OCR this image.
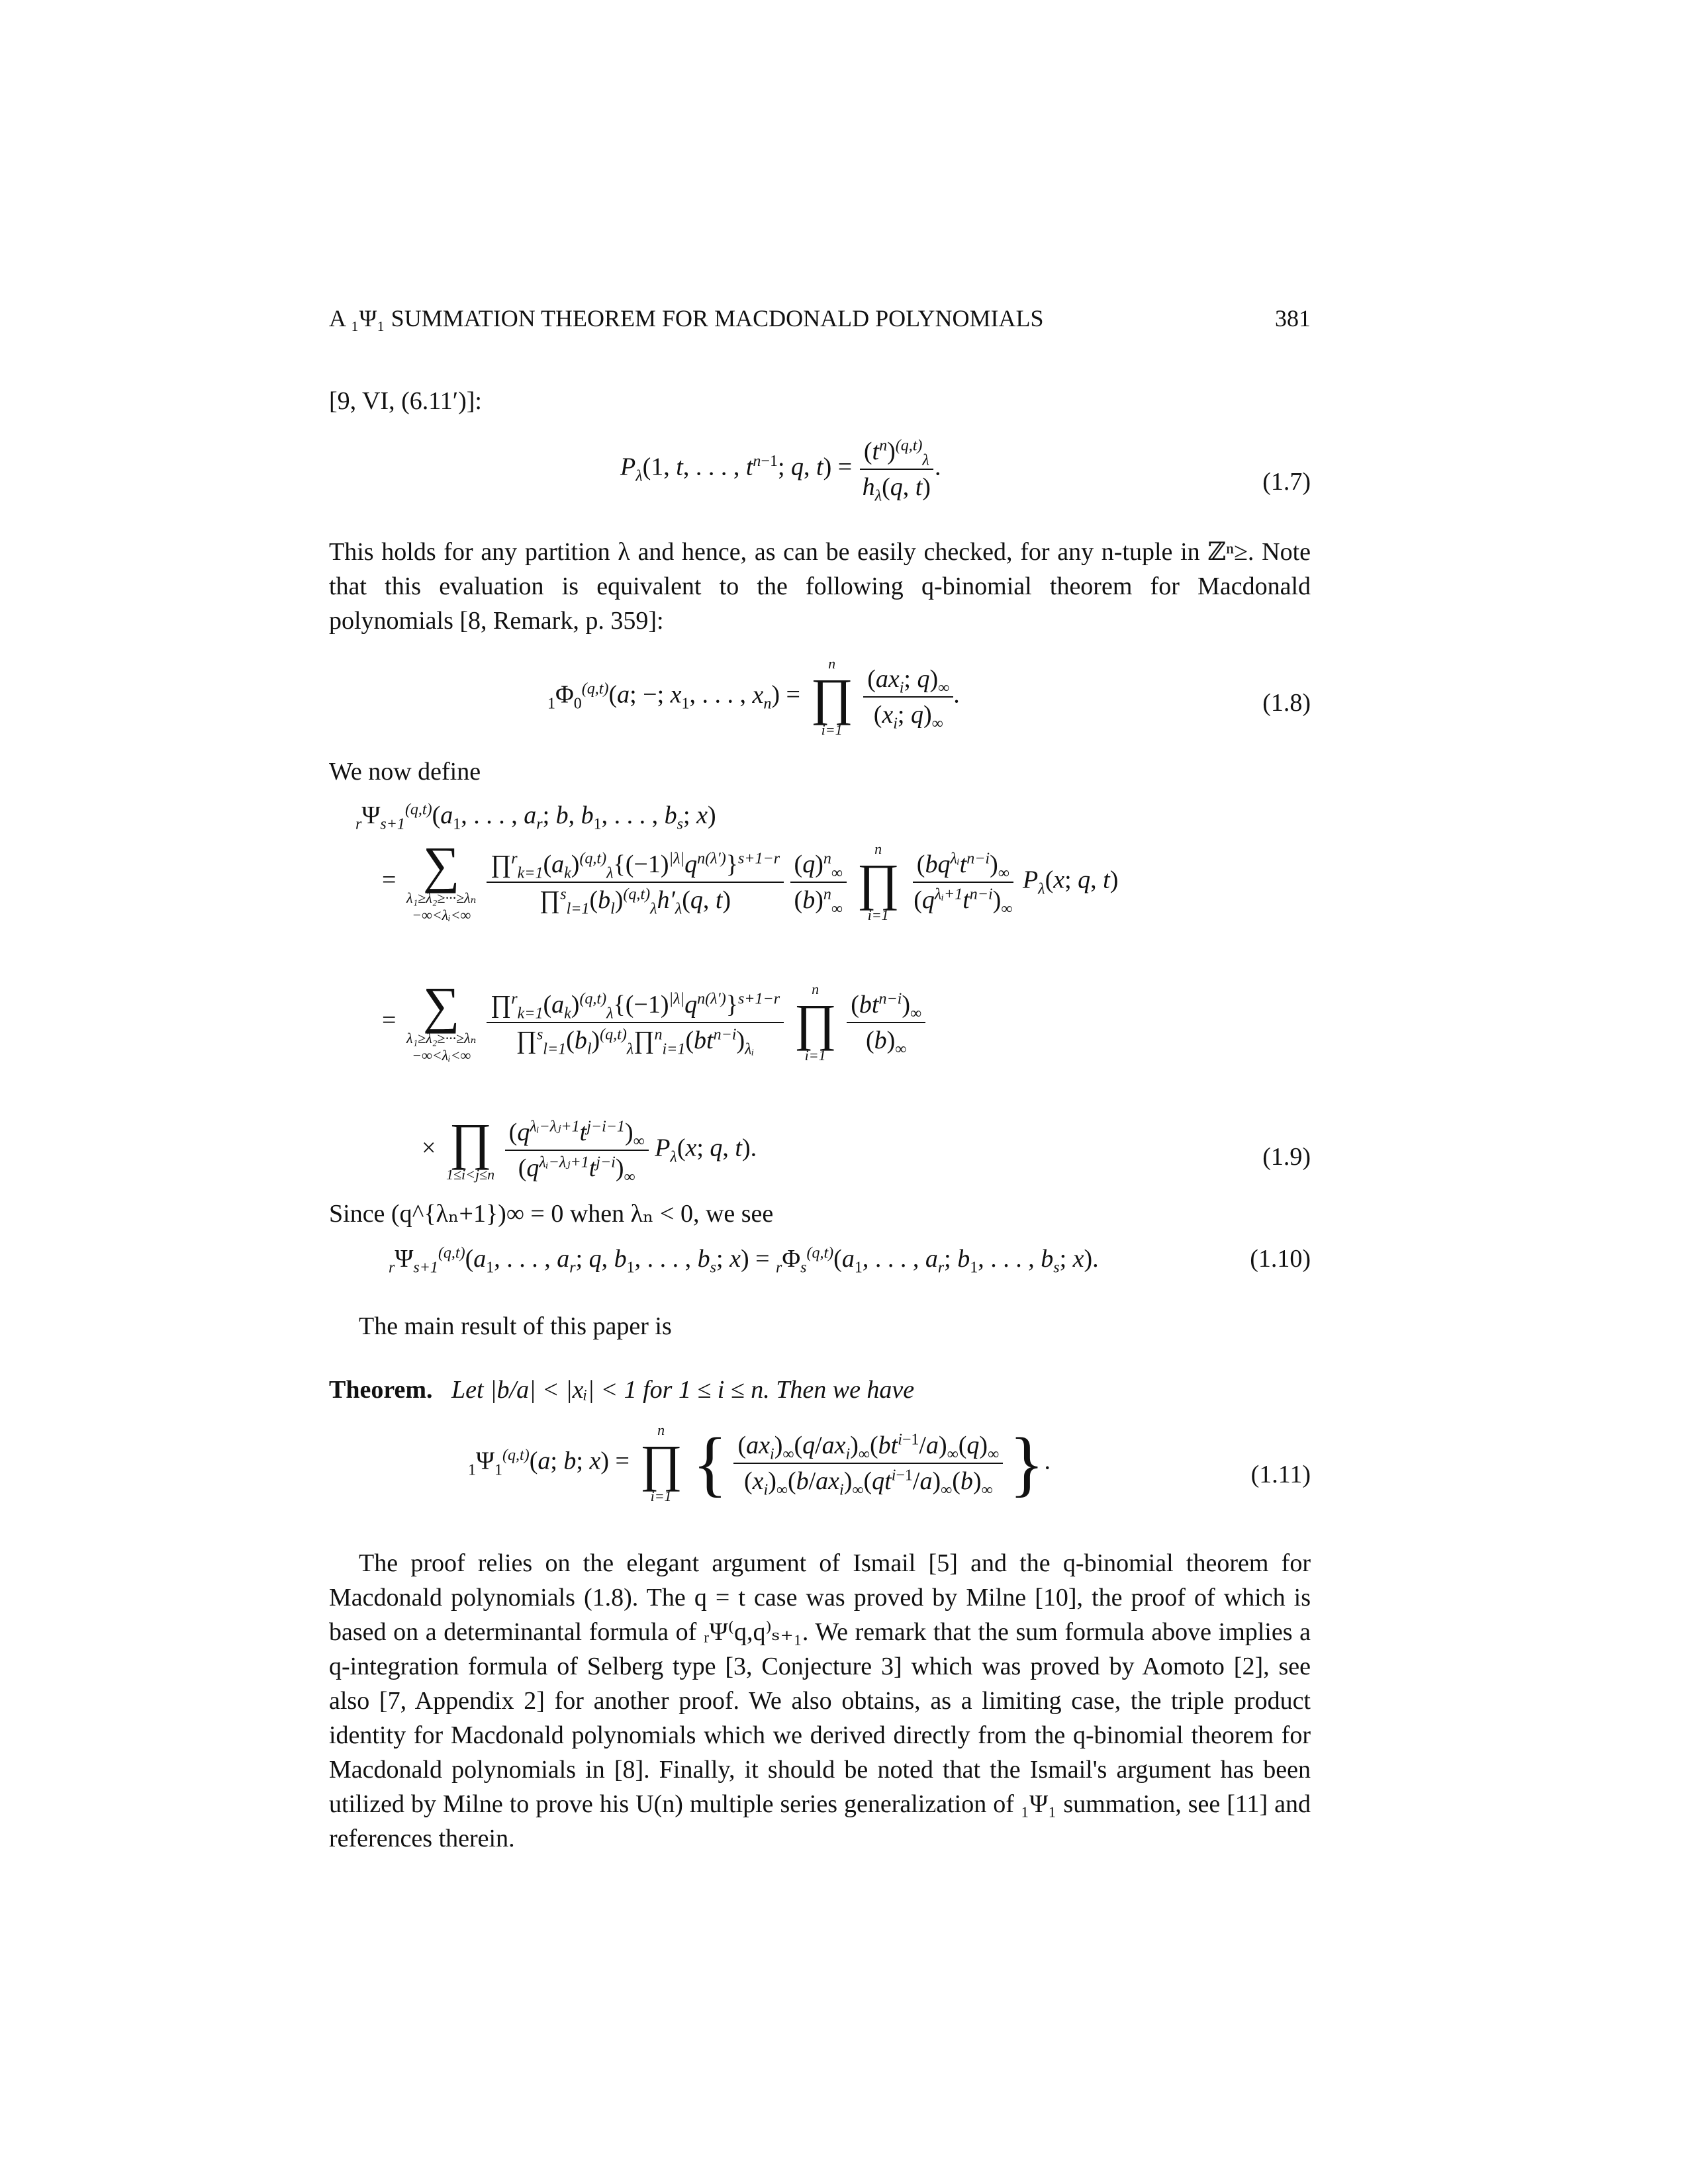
A ₁Ψ₁ SUMMATION THEOREM FOR MACDONALD POLYNOMIALS	381
[9, VI, (6.11′)]:
$P_\lambda(1$, t, . . . , $t^{n-1}$; q, $t) = \frac{(t^n)^{(q,t)}_\lambda}{h_\lambda(q, t)}$ .
(1.7)
This holds for any partition λ and hence, as can be easily checked, for any n-tuple in ℤⁿ≥. Note that this evaluation is equivalent to the following q-binomial theorem for Macdonald polynomials [8, Remark, p. 359]:
$_1\Phi_0^{(q,t)}(a$; −; $x_1$, . . . , $x_n$) =
n
∏
i=1

$\frac{(ax_i; q)_\infty}{(x_i; q)_\infty}$ .	(1.8)
We now define
$_r\Psi_{s+1}^{(q,t)}(a_1$, . . . , $a_r$; b, $b_1$, . . . , $b_s$; x)
= ∑
λ₁≥λ₂≥···≥λₙ
−∞<λᵢ<∞

$\frac{\prod^r_{k=1}(a_k)^{(q,t)}_\lambda\{(-1)^{|\lambda|}q^{n(\lambda')}\}^{s+1-r}}{\prod^s_{l=1}(b_l)^{(q,t)}_\lambda h'_\lambda(q, t)}$
$\frac{(q)^n_\infty}{(b)^n_\infty}$

n
∏
i=1

$\frac{(bq^{\lambda ᵢ}t^{n-i})_\infty}{(q^{\lambda ᵢ+1}t^{n-i})_\infty} P_\lambda(x$; q, t)
= ∑
λ₁≥λ₂≥···≥λₙ
−∞<λᵢ<∞

$\frac{\prod^r_{k=1}(a_k)^{(q,t)}_\lambda\{(-1)^{|\lambda|}q^{n(\lambda')}\}^{s+1-r}}{\prod^s_{l=1}(b_l)^{(q,t)}_\lambda\prod^n_{i=1}(bt^{n-i})_{\lambda ᵢ}}$

n
∏
i=1

$\frac{(bt^{n-i})_\infty}{(b)_\infty}$
× ∏
1≤i<j≤n
$\frac{(q^{\lambda ᵢ-\lambda ⱼ+1}t^{j-i-1})_\infty}{(q^{\lambda ᵢ-\lambda ⱼ+1}t^{j-i})_\infty} P_\lambda(x$; q, t).	(1.9)
Since (q^{λₙ+1})∞ = 0 when λₙ < 0, we see
$_r\Psi_{s+1}^{(q,t)}(a_1$, . . . , $a_r$; q, $b_1$, . . . , $b_s$; $x) = _r\Phi_s^{(q,t)}(a_1$, . . . , $a_r$; $b_1$, . . . , $b_s$; x).	(1.10)
The main result of this paper is
Theorem. Let |b/a| < |xᵢ| < 1 for 1 ≤ i ≤ n. Then we have
$_1\Psi_1^{(q,t)}(a$; b; x) =
n
∏
i=1 { $\frac{(ax_i)_\infty(q/ax_i)_\infty(bt^{i-1}/a)_\infty(q)_\infty}{(x_i)_\infty(b/ax_i)_\infty(qt^{i-1}/a)_\infty(b)_\infty}$ }.	(1.11)
The proof relies on the elegant argument of Ismail [5] and the q-binomial theorem for Macdonald polynomials (1.8). The q = t case was proved by Milne [10], the proof of which is based on a determinantal formula of ᵣΨ⁽q,q⁾ₛ₊₁. We remark that the sum formula above implies a q-integration formula of Selberg type [3, Conjecture 3] which was proved by Aomoto [2], see also [7, Appendix 2] for another proof. We also obtains, as a limiting case, the triple product identity for Macdonald polynomials which we derived directly from the q-binomial theorem for Macdonald polynomials in [8]. Finally, it should be noted that the Ismail's argument has been utilized by Milne to prove his U(n) multiple series generalization of ₁Ψ₁ summation, see [11] and references therein.
